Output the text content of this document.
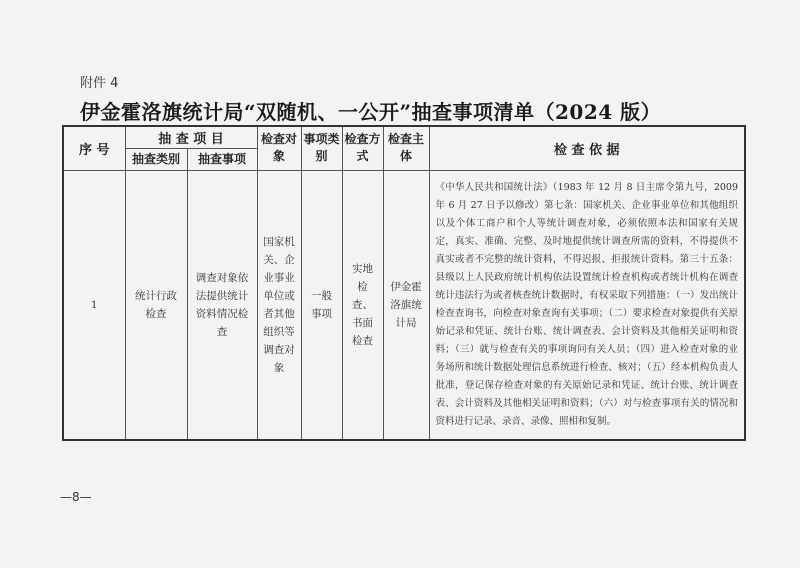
附件 4
伊金霍洛旗统计局“双随机、一公开”抽查事项清单（2024 版）
序 号	抽 查 项 目		检查对象	事项类别	检查方式	检查主体	检 查 依 据
	抽查类别	抽查事项					
1	统计行政检查	调查对象依法提供统计资料情况检查	国家机关、企业事业单位或者其他组织等调查对象	一般事项	实地检查、书面检查	伊金霍洛旗统计局	《中华人民共和国统计法》（1983 年 12 月 8 日主席令第九号，2009 年 6 月 27 日予以修改）第七条：国家机关、企业事业单位和其他组织以及个体工商户和个人等统计调查对象，必须依照本法和国家有关规定，真实、准确、完整、及时地提供统计调查所需的资料，不得提供不真实或者不完整的统计资料，不得迟报、拒报统计资料。第三十五条：县级以上人民政府统计机构依法设置统计检查机构或者统计机构在调查统计违法行为或者核查统计数据时，有权采取下列措施：（一）发出统计检查查询书，向检查对象查询有关事项；（二）要求检查对象提供有关原始记录和凭证、统计台账、统计调查表、会计资料及其他相关证明和资料；（三）就与检查有关的事项询问有关人员；（四）进入检查对象的业务场所和统计数据处理信息系统进行检查、核对；（五）经本机构负责人批准，登记保存检查对象的有关原始记录和凭证、统计台账、统计调查表、会计资料及其他相关证明和资料；（六）对与检查事项有关的情况和资料进行记录、录音、录像、照相和复制。
—8—
